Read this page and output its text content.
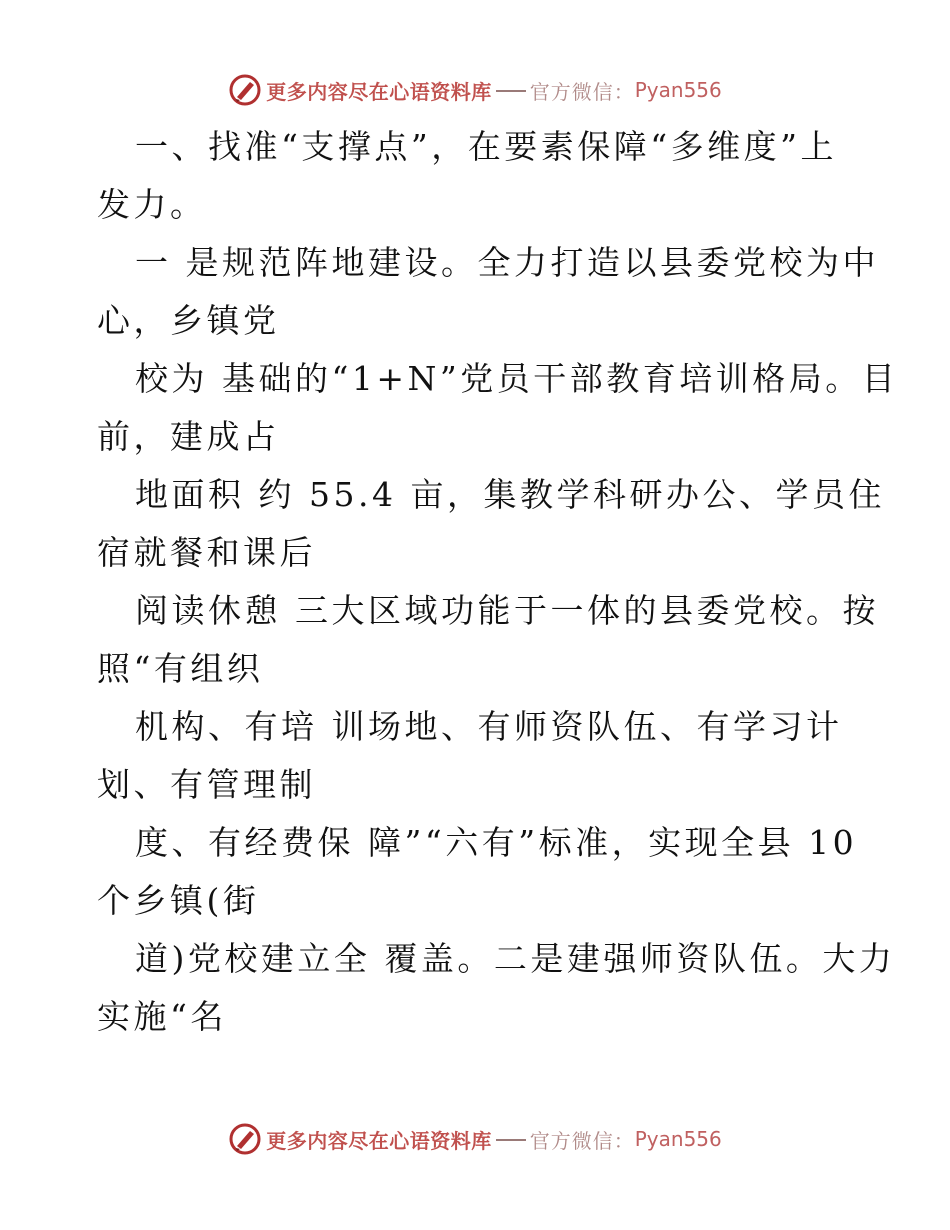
更多内容尽在心语资料库 官方微信： Pyan556
一、找准“支撑点”，在要素保障“多维度”上
发力。
一 是规范阵地建设。全力打造以县委党校为中
心，乡镇党
校为 基础的“1+N”党员干部教育培训格局。目
前，建成占
地面积 约 55.4 亩，集教学科研办公、学员住
宿就餐和课后
阅读休憩 三大区域功能于一体的县委党校。按
照“有组织
机构、有培 训场地、有师资队伍、有学习计
划、有管理制
度、有经费保 障”“六有”标准，实现全县 10
个乡镇(街
道)党校建立全 覆盖。二是建强师资队伍。大力
实施“名
更多内容尽在心语资料库 官方微信： Pyan556
